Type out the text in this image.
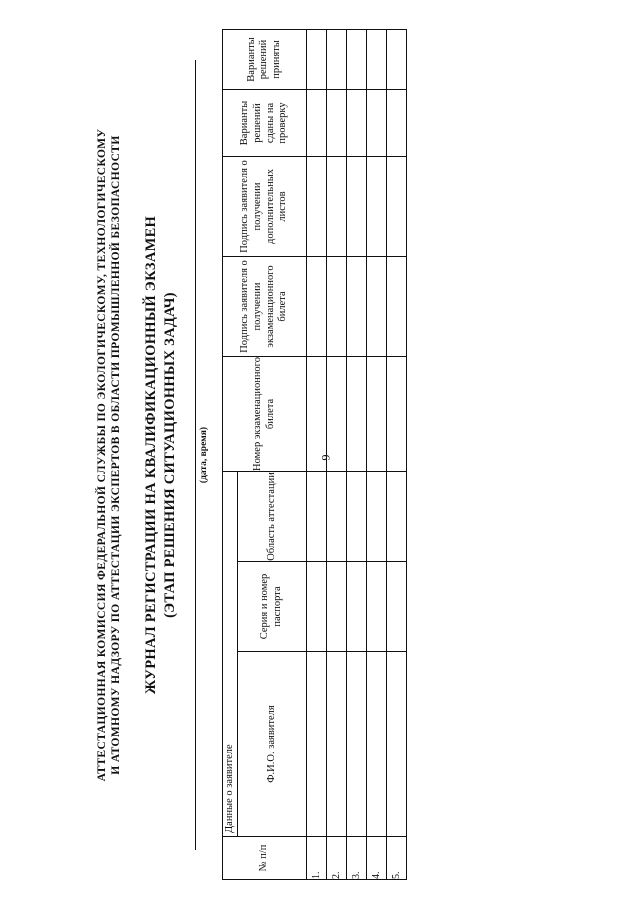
9
АТТЕСТАЦИОННАЯ КОМИССИЯ ФЕДЕРАЛЬНОЙ СЛУЖБЫ ПО ЭКОЛОГИЧЕСКОМУ, ТЕХНОЛОГИЧЕСКОМУ И АТОМНОМУ НАДЗОРУ ПО АТТЕСТАЦИИ ЭКСПЕРТОВ В ОБЛАСТИ ПРОМЫШЛЕННОЙ БЕЗОПАСНОСТИ ЖУРНАЛ РЕГИСТРАЦИИ НА КВАЛИФИКАЦИОННЫЙ ЭКЗАМЕН (ЭТАП РЕШЕНИЯ СИТУАЦИОННЫХ ЗАДАЧ) (дата, время)
№ п/п	Данные о заявителе			Номер экзаменационного билета	Подпись заявителя о получении экзаменационного билета	Подпись заявителя о получении дополнительных листов	Варианты решений сданы на проверку	Варианты решений приняты
	Ф.И.О. заявителя	Серия и номер паспорта	Область аттестации					
1.								
2.								
3.								
4.								
5.								
